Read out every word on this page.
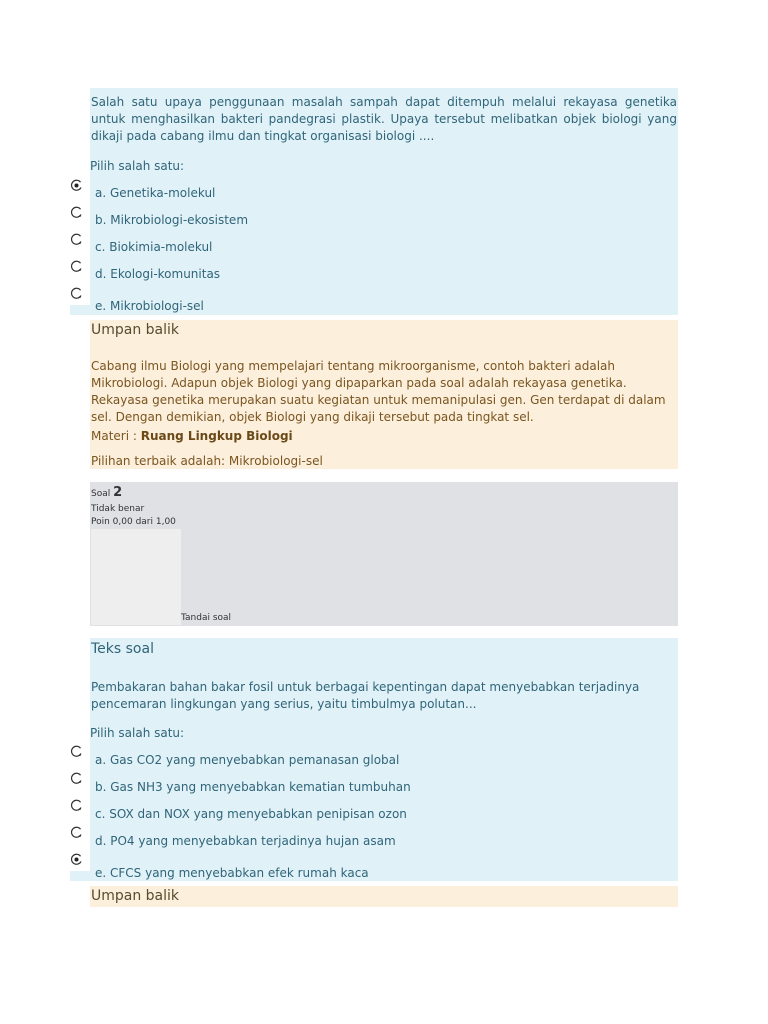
Salah satu upaya penggunaan masalah sampah dapat ditempuh melalui rekayasa genetika untuk menghasilkan bakteri pandegrasi plastik. Upaya tersebut melibatkan objek biologi yang dikaji pada cabang ilmu dan tingkat organisasi biologi ....

Pilih salah satu:
a. Genetika-molekul
b. Mikrobiologi-ekosistem
c. Biokimia-molekul
d. Ekologi-komunitas
e. Mikrobiologi-sel
Umpan balik
Cabang ilmu Biologi yang mempelajari tentang mikroorganisme, contoh bakteri adalah Mikrobiologi. Adapun objek Biologi yang dipaparkan pada soal adalah rekayasa genetika. Rekayasa genetika merupakan suatu kegiatan untuk memanipulasi gen. Gen terdapat di dalam sel. Dengan demikian, objek Biologi yang dikaji tersebut pada tingkat sel.
Materi : Ruang Lingkup Biologi
Pilihan terbaik adalah: Mikrobiologi-sel
Soal 2
Tidak benar
Poin 0,00 dari 1,00
Tandai soal
Teks soal

Pembakaran bahan bakar fosil untuk berbagai kepentingan dapat menyebabkan terjadinya pencemaran lingkungan yang serius, yaitu timbulmya polutan...

Pilih salah satu:
a. Gas CO2 yang menyebabkan pemanasan global
b. Gas NH3 yang menyebabkan kematian tumbuhan
c. SOX dan NOX yang menyebabkan penipisan ozon
d. PO4 yang menyebabkan terjadinya hujan asam
e. CFCS yang menyebabkan efek rumah kaca
Umpan balik
